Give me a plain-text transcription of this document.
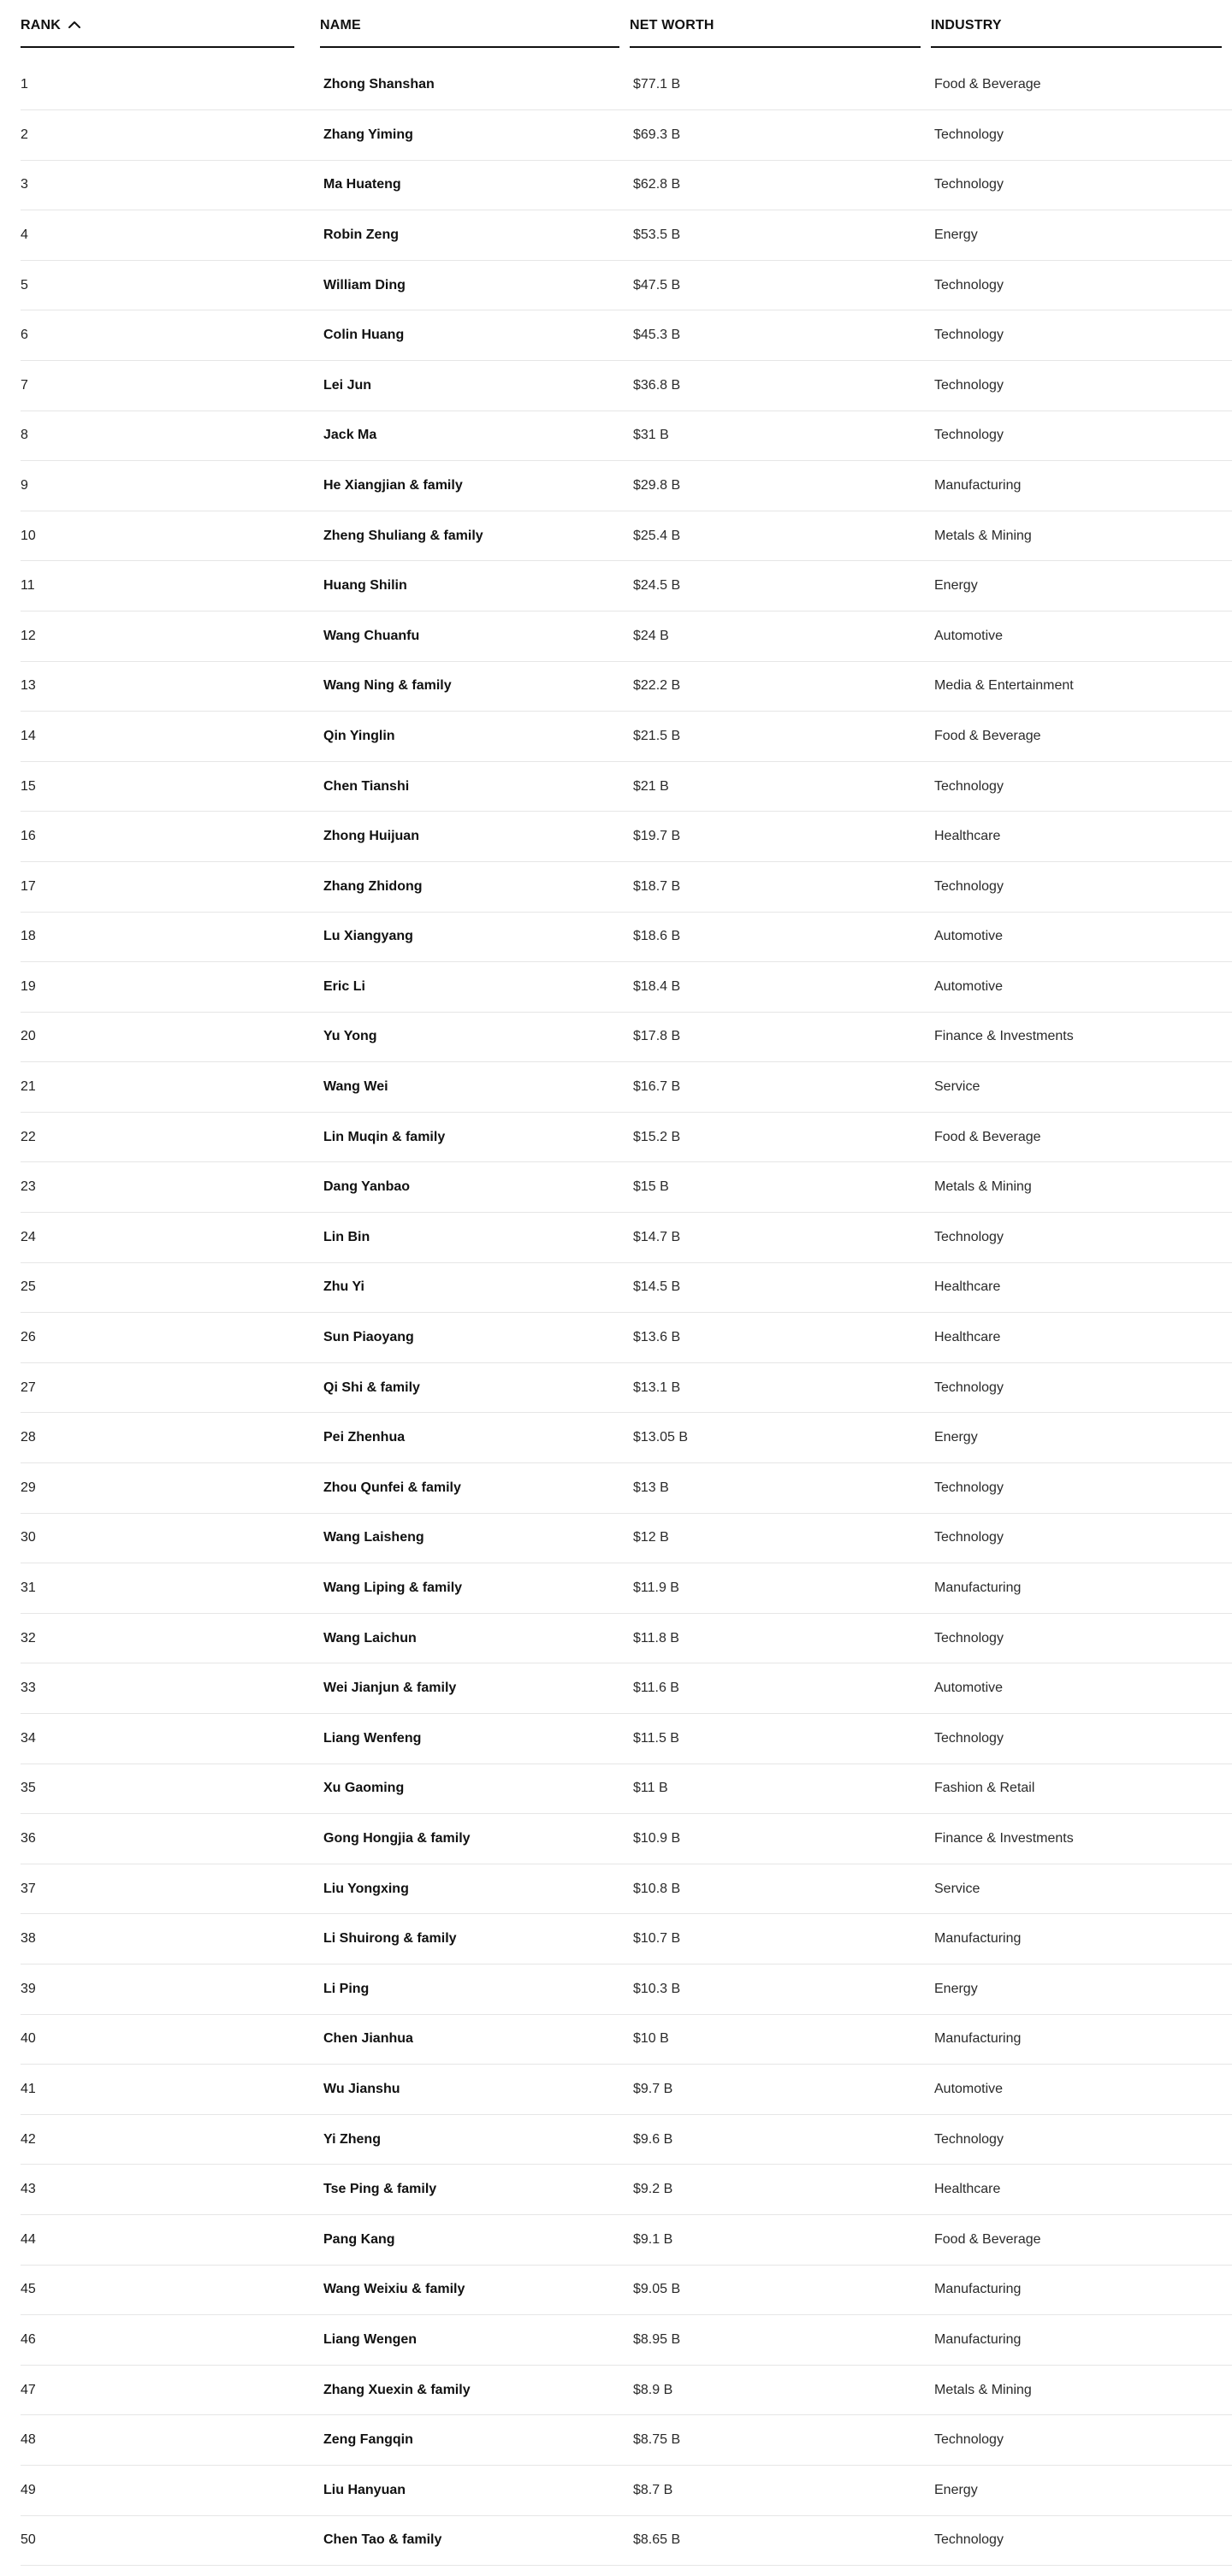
RANK	NAME	NET WORTH	INDUSTRY
1	Zhong Shanshan	$77.1 B	Food & Beverage
2	Zhang Yiming	$69.3 B	Technology
3	Ma Huateng	$62.8 B	Technology
4	Robin Zeng	$53.5 B	Energy
5	William Ding	$47.5 B	Technology
6	Colin Huang	$45.3 B	Technology
7	Lei Jun	$36.8 B	Technology
8	Jack Ma	$31 B	Technology
9	He Xiangjian & family	$29.8 B	Manufacturing
10	Zheng Shuliang & family	$25.4 B	Metals & Mining
11	Huang Shilin	$24.5 B	Energy
12	Wang Chuanfu	$24 B	Automotive
13	Wang Ning & family	$22.2 B	Media & Entertainment
14	Qin Yinglin	$21.5 B	Food & Beverage
15	Chen Tianshi	$21 B	Technology
16	Zhong Huijuan	$19.7 B	Healthcare
17	Zhang Zhidong	$18.7 B	Technology
18	Lu Xiangyang	$18.6 B	Automotive
19	Eric Li	$18.4 B	Automotive
20	Yu Yong	$17.8 B	Finance & Investments
21	Wang Wei	$16.7 B	Service
22	Lin Muqin & family	$15.2 B	Food & Beverage
23	Dang Yanbao	$15 B	Metals & Mining
24	Lin Bin	$14.7 B	Technology
25	Zhu Yi	$14.5 B	Healthcare
26	Sun Piaoyang	$13.6 B	Healthcare
27	Qi Shi & family	$13.1 B	Technology
28	Pei Zhenhua	$13.05 B	Energy
29	Zhou Qunfei & family	$13 B	Technology
30	Wang Laisheng	$12 B	Technology
31	Wang Liping & family	$11.9 B	Manufacturing
32	Wang Laichun	$11.8 B	Technology
33	Wei Jianjun & family	$11.6 B	Automotive
34	Liang Wenfeng	$11.5 B	Technology
35	Xu Gaoming	$11 B	Fashion & Retail
36	Gong Hongjia & family	$10.9 B	Finance & Investments
37	Liu Yongxing	$10.8 B	Service
38	Li Shuirong & family	$10.7 B	Manufacturing
39	Li Ping	$10.3 B	Energy
40	Chen Jianhua	$10 B	Manufacturing
41	Wu Jianshu	$9.7 B	Automotive
42	Yi Zheng	$9.6 B	Technology
43	Tse Ping & family	$9.2 B	Healthcare
44	Pang Kang	$9.1 B	Food & Beverage
45	Wang Weixiu & family	$9.05 B	Manufacturing
46	Liang Wengen	$8.95 B	Manufacturing
47	Zhang Xuexin & family	$8.9 B	Metals & Mining
48	Zeng Fangqin	$8.75 B	Technology
49	Liu Hanyuan	$8.7 B	Energy
50	Chen Tao & family	$8.65 B	Technology
